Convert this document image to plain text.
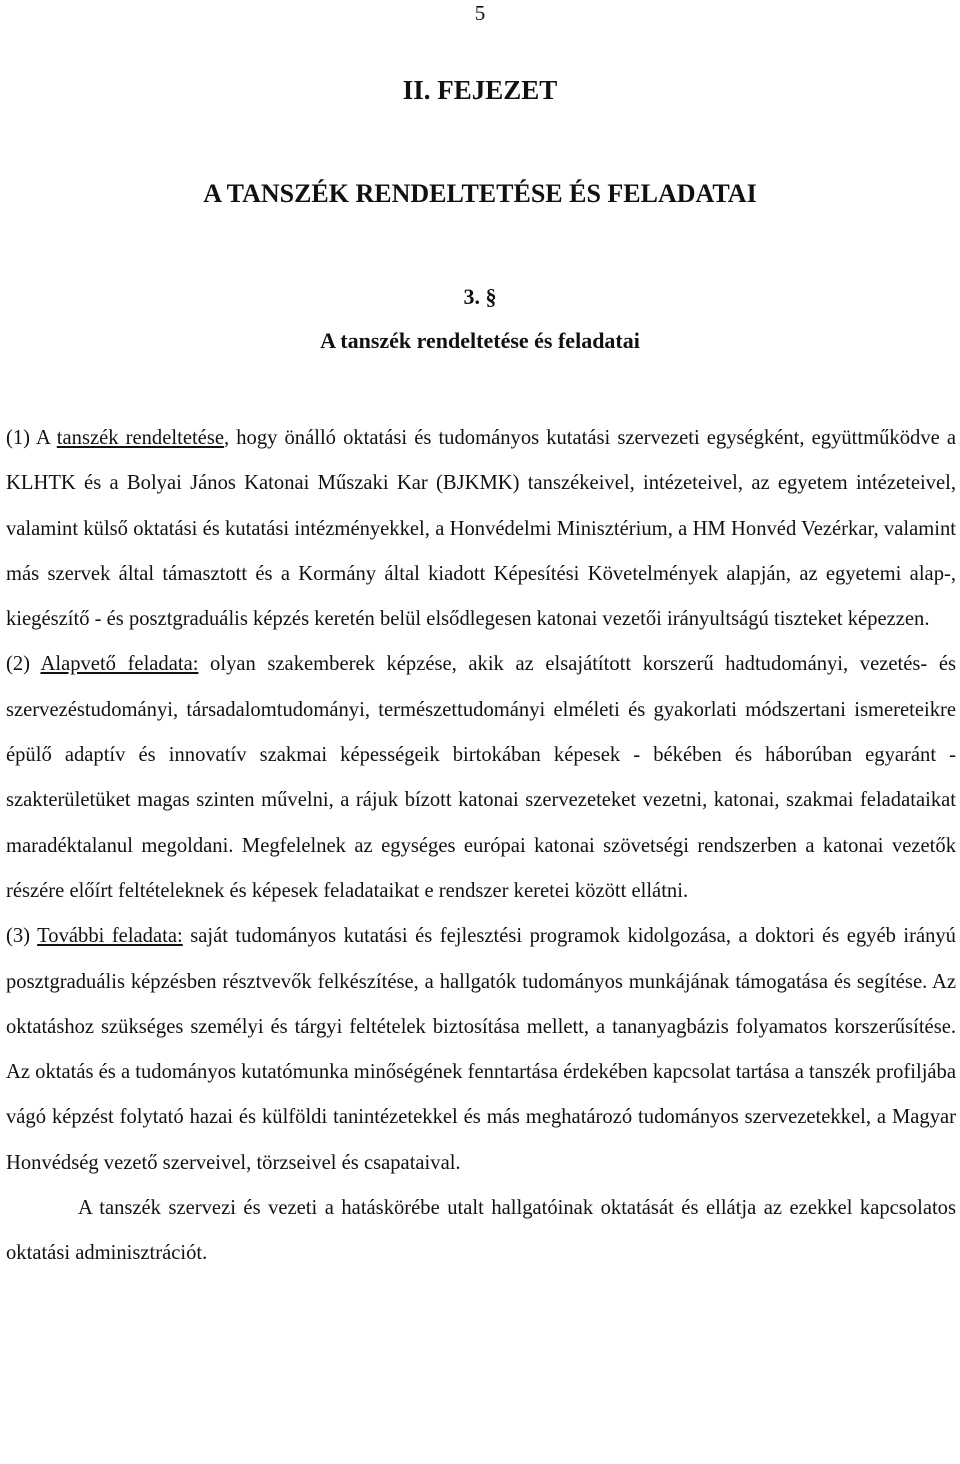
5
II. FEJEZET
A TANSZÉK RENDELTETÉSE ÉS FELADATAI
3. §
A tanszék rendeltetése és feladatai

(1) A tanszék rendeltetése, hogy önálló oktatási és tudományos kutatási szervezeti egységként, együttműködve a KLHTK és a Bolyai János Katonai Műszaki Kar (BJKMK) tanszékeivel, intézeteivel, az egyetem intézeteivel, valamint külső oktatási és kutatási intézményekkel, a Honvédelmi Minisztérium, a HM Honvéd Vezérkar, valamint más szervek által támasztott és a Kormány által kiadott Képesítési Követelmények alapján, az egyetemi alap-, kiegészítő - és posztgraduális képzés keretén belül elsődlegesen katonai vezetői irányultságú tiszteket képezzen.

(2) Alapvető feladata: olyan szakemberek képzése, akik az elsajátított korszerű hadtudományi, vezetés- és szervezéstudományi, társadalomtudományi, természettudományi elméleti és gyakorlati módszertani ismereteikre épülő adaptív és innovatív szakmai képességeik birtokában képesek - békében és háborúban egyaránt - szakterületüket magas szinten művelni, a rájuk bízott katonai szervezeteket vezetni, katonai, szakmai feladataikat maradéktalanul megoldani. Megfelelnek az egységes európai katonai szövetségi rendszerben a katonai vezetők részére előírt feltételeknek és képesek feladataikat e rendszer keretei között ellátni.

(3) További feladata: saját tudományos kutatási és fejlesztési programok kidolgozása, a doktori és egyéb irányú posztgraduális képzésben résztvevők felkészítése, a hallgatók tudományos munkájának támogatása és segítése. Az oktatáshoz szükséges személyi és tárgyi feltételek biztosítása mellett, a tananyagbázis folyamatos korszerűsítése. Az oktatás és a tudományos kutatómunka minőségének fenntartása érdekében kapcsolat tartása a tanszék profiljába vágó képzést folytató hazai és külföldi tanintézetekkel és más meghatározó tudományos szervezetekkel, a Magyar Honvédség vezető szerveivel, törzseivel és csapataival.

A tanszék szervezi és vezeti a hatáskörébe utalt hallgatóinak oktatását és ellátja az ezekkel kapcsolatos oktatási adminisztrációt.
